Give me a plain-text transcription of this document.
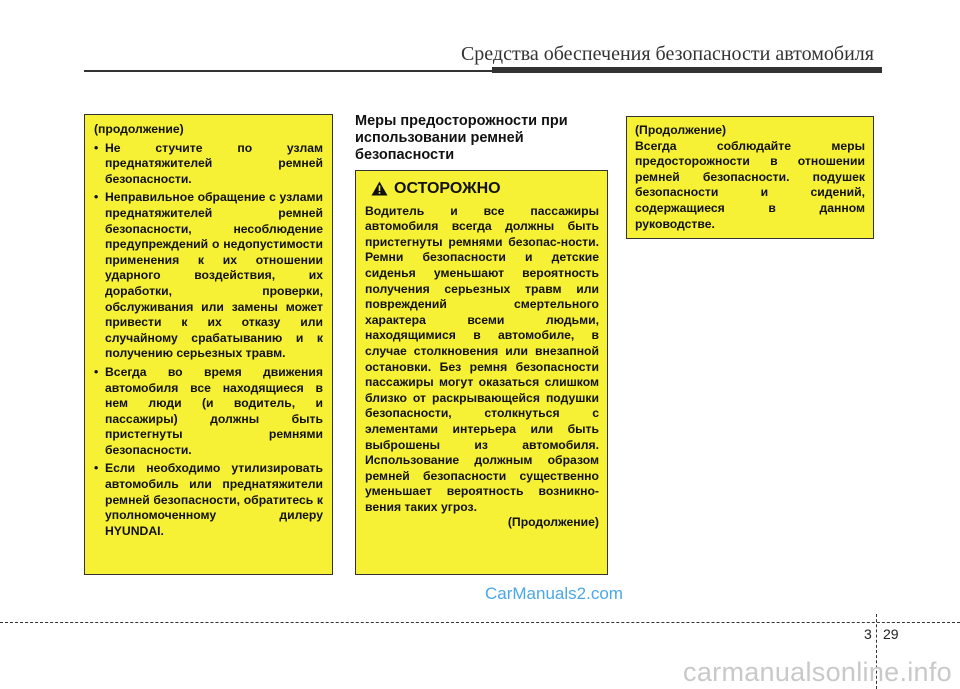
Средства обеспечения безопасности автомобиля
(продолжение)
• Не стучите по узлам преднатяжителей ремней безопасности.
• Неправильное обращение с узлами преднатяжителей ремней безопасности, несоблюдение предупреждений о недопустимости применения к их отношении ударного воздействия, их доработки, проверки, обслуживания или замены может привести к их отказу или случайному срабатыванию и к получению серьезных травм.
• Всегда во время движения автомобиля все находящиеся в нем люди (и водитель, и пассажиры) должны быть пристегнуты ремнями безопасности.
• Если необходимо утилизировать автомобиль или преднатяжители ремней безопасности, обратитесь к уполномоченному дилеру HYUNDAI.
Меры предосторожности при использовании ремней безопасности
ОСТОРОЖНО
Водитель и все пассажиры автомобиля всегда должны быть пристегнуты ремнями безопас-ности. Ремни безопасности и детские сиденья уменьшают вероятность получения серьезных травм или повреждений смертельного характера всеми людьми, находящимися в автомобиле, в случае столкновения или внезапной остановки. Без ремня безопасности пассажиры могут оказаться слишком близко от раскрывающейся подушки безопасности, столкнуться с элементами интерьера или быть выброшены из автомобиля. Использование должным образом ремней безопасности существенно уменьшает вероятность возникно-вения таких угроз.
(Продолжение)
(Продолжение)
Всегда соблюдайте меры предосторожности в отношении ремней безопасности. подушек безопасности и сидений, содержащиеся в данном руководстве.
CarManuals2.com
3 29
carmanualsonline.info
